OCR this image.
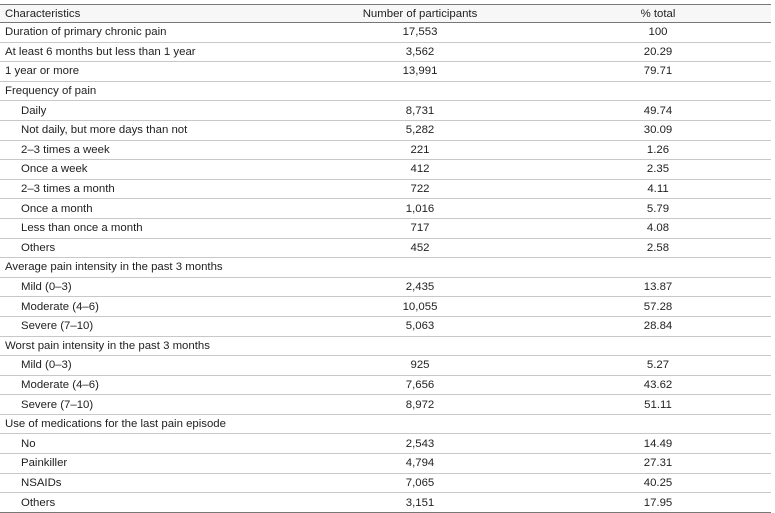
Characteristics	Number of participants	% total
Duration of primary chronic pain	17,553	100
At least 6 months but less than 1 year	3,562	20.29
1 year or more	13,991	79.71
Frequency of pain		
Daily	8,731	49.74
Not daily, but more days than not	5,282	30.09
2–3 times a week	221	1.26
Once a week	412	2.35
2–3 times a month	722	4.11
Once a month	1,016	5.79
Less than once a month	717	4.08
Others	452	2.58
Average pain intensity in the past 3 months		
Mild (0–3)	2,435	13.87
Moderate (4–6)	10,055	57.28
Severe (7–10)	5,063	28.84
Worst pain intensity in the past 3 months		
Mild (0–3)	925	5.27
Moderate (4–6)	7,656	43.62
Severe (7–10)	8,972	51.11
Use of medications for the last pain episode		
No	2,543	14.49
Painkiller	4,794	27.31
NSAIDs	7,065	40.25
Others	3,151	17.95
